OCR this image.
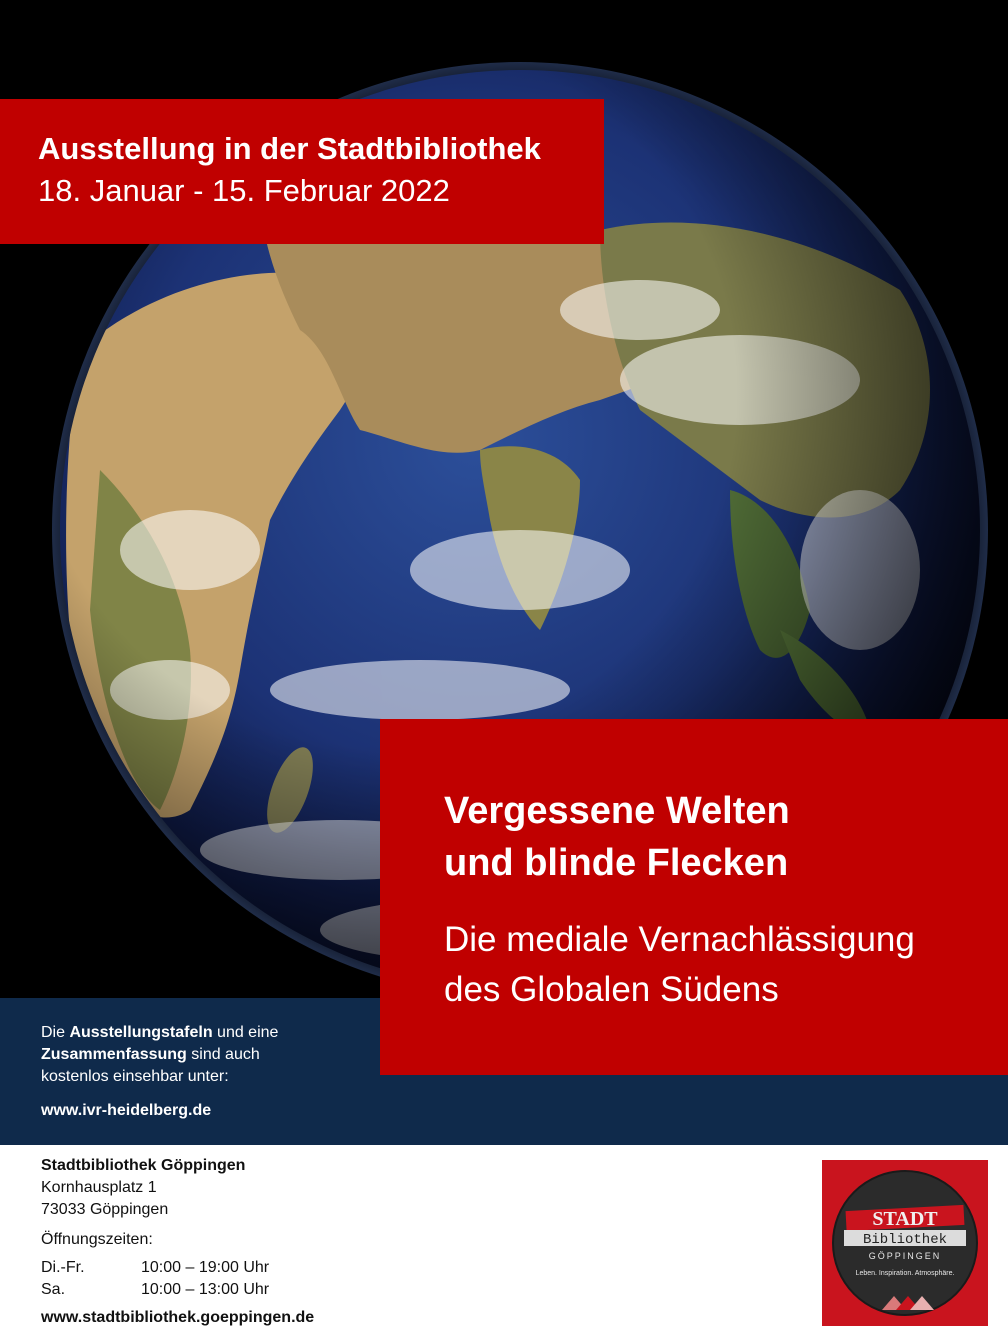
Ausstellung in der Stadtbibliothek
18. Januar - 15. Februar 2022
Die Ausstellungstafeln und eine
Zusammenfassung sind auch
kostenlos einsehbar unter:
www.ivr-heidelberg.de
Vergessene Welten
und blinde Flecken
Die mediale Vernachlässigung
des Globalen Südens
Stadtbibliothek Göppingen
Kornhausplatz 1
73033 Göppingen
Öffnungszeiten:
Di.-Fr.	10:00 – 19:00 Uhr
Sa.	10:00 – 13:00 Uhr
www.stadtbibliothek.goeppingen.de
STADT
Bibliothek
GÖPPINGEN
Leben. Inspiration. Atmosphäre.
